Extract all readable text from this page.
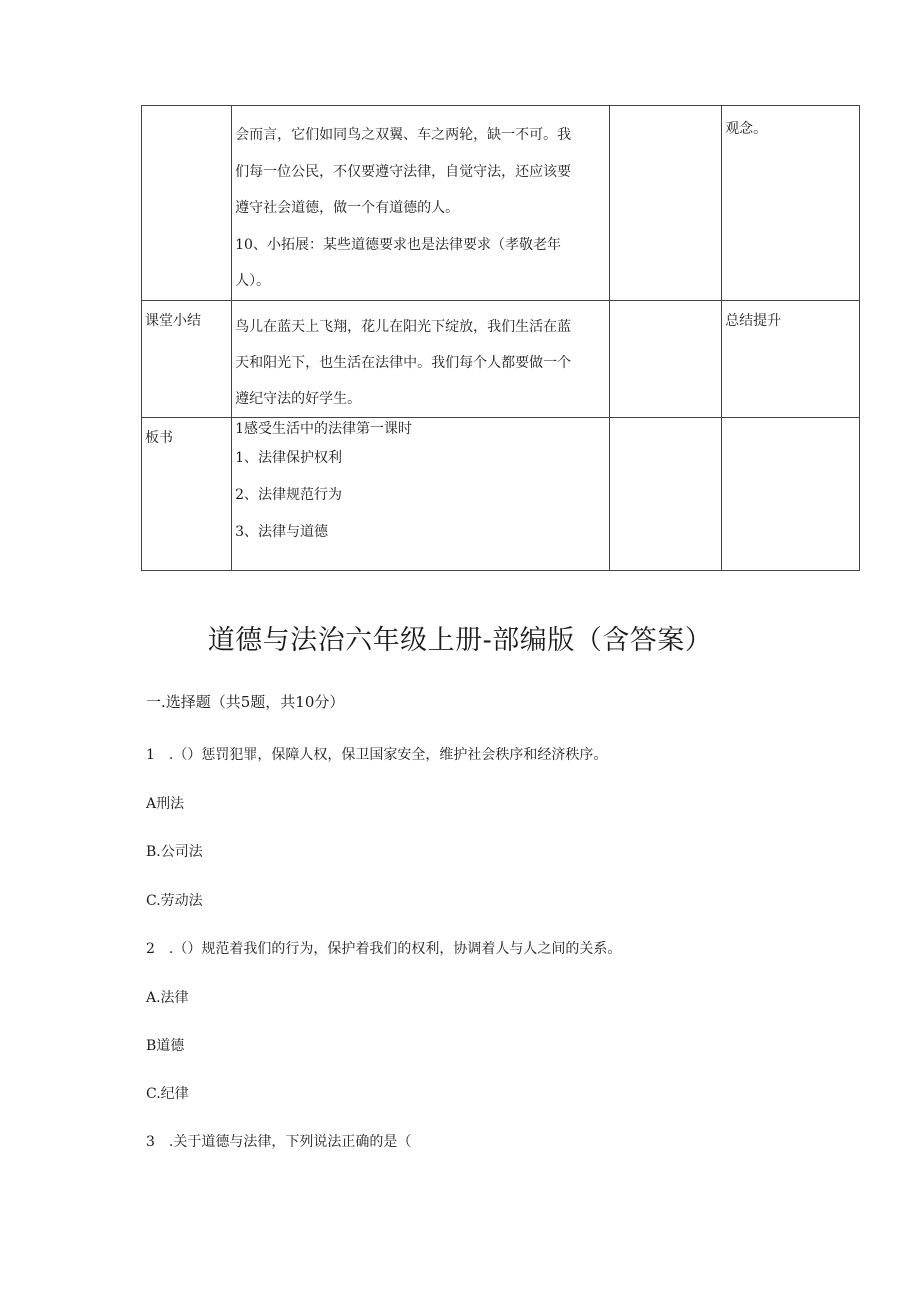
	会而言，它们如同鸟之双翼、车之两轮，缺一不可。我
们每一位公民，不仅要遵守法律，自觉守法，还应该要
遵守社会道德，做一个有道德的人。
10、小拓展：某些道德要求也是法律要求（孝敬老年
人）。		观念。
课堂小结	鸟儿在蓝天上飞翔，花儿在阳光下绽放，我们生活在蓝
天和阳光下，也生活在法律中。我们每个人都要做一个
遵纪守法的好学生。		总结提升
板书	1感受生活中的法律第一课时

1、法律保护权利

2、法律规范行为

3、法律与道德		

道德与法治六年级上册-部编版（含答案）
一.选择题（共5题，共10分）
1　.（）惩罚犯罪，保障人权，保卫国家安全，维护社会秩序和经济秩序。
A刑法
B.公司法
C.劳动法
2　.（）规范着我们的行为，保护着我们的权利，协调着人与人之间的关系。
A.法律
B道德
C.纪律
3　.关于道德与法律，下列说法正确的是（
